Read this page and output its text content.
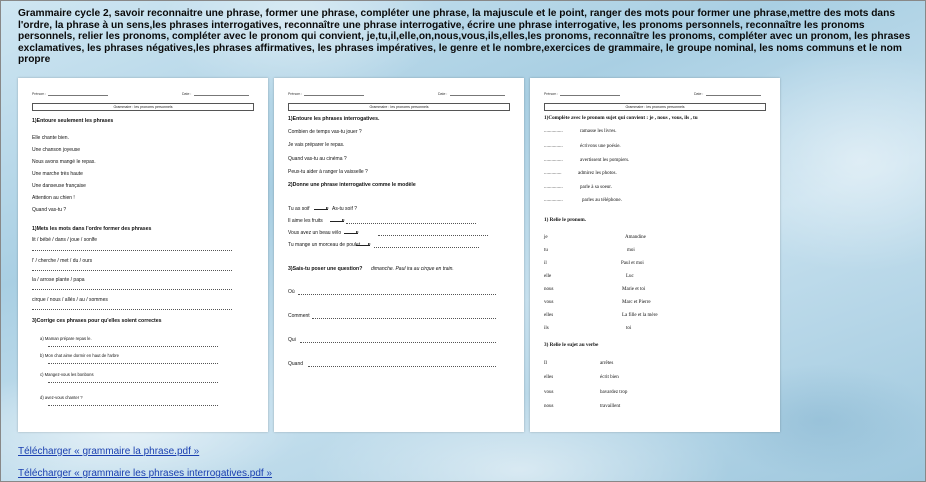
Grammaire cycle 2, savoir reconnaitre une phrase, former une phrase, compléter une phrase, la majuscule et le point, ranger des mots pour former une phrase,mettre des mots dans l'ordre, la phrase à un sens,les phrases interrogatives, reconnaître une phrase interrogative, écrire une phrase interrogative, les pronoms personnels, reconnaître les pronoms personnels, relier les pronoms, compléter avec le pronom qui convient, je,tu,il,elle,on,nous,vous,ils,elles,les pronoms, reconnaître les pronoms, compléter avec un pronom, les phrases exclamatives, les phrases négatives,les phrases affirmatives, les phrases impératives, le genre et le nombre,exercices de grammaire, le groupe nominal, les noms communs et le nom propre
Prénom :	Date :
Grammaire : les pronoms personnels
1)Entoure seulement les phrases
Elle chante bien.
Une chanson joyeuse
Nous avons mangé le repas.
Une marche très haute
Une danseuse française
Attention au chien !
Quand vas-tu ?
1)Mets les mots dans l'ordre former des phrases
lit / bébé / dans / joue / sonlfe
l' / cherche / met / du / ours
la / arrose plante / papa
cirque / nous / allés / au / sommes
3)Corrige ces phrases pour qu'elles soient correctes
a) Maman prépare repas le.
b) Mon chat aime dormir en haut de l'arbre
c) Mangez-vous les bonbons
d) avez-vous chanter ?
Prénom :	Date :
Grammaire : les pronoms personnels
1)Entoure les phrases interrogatives.
Combien de temps vas-tu jouer ?
Je vais préparer le repas.
Quand vas-tu au cinéma ?
Peux-tu aider à ranger la vaisselle ?
2)Donne une phrase interrogative comme le modèle
Tu as soif	As-tu soif ?
Il aime les fruits
Vous avez un beau vélo
Tu mange un morceau de poulet
3)Sais-tu poser une question? dimanche. Paul ira au cirque en train.
Où
Comment
Qui
Quand
Prénom :	Date :
Grammaire : les pronoms personnels
1)Complète avec le pronom sujet qui convient : je , nous , vous, ils , tu
...............	ramasse les livres.
...............	écrivons une poésie.
...............	avertissent les pompiers.
..............	admirez les photos.
...............	parle à sa soeur.
...............	parles au téléphone.
1) Relie le pronom.
je	Amandine
tu	moi
il	Paul et moi
elle	Luc
nous	Marie et toi
vous	Marc et Pierre
elles	La fille et la mère
ils	toi
3) Relie le sujet au verbe
Il	arrêtes
elles	écrit bien
vous	bavardez trop
nous	travaillent
Télécharger « grammaire la phrase.pdf »
Télécharger « grammaire les phrases interrogatives.pdf »
